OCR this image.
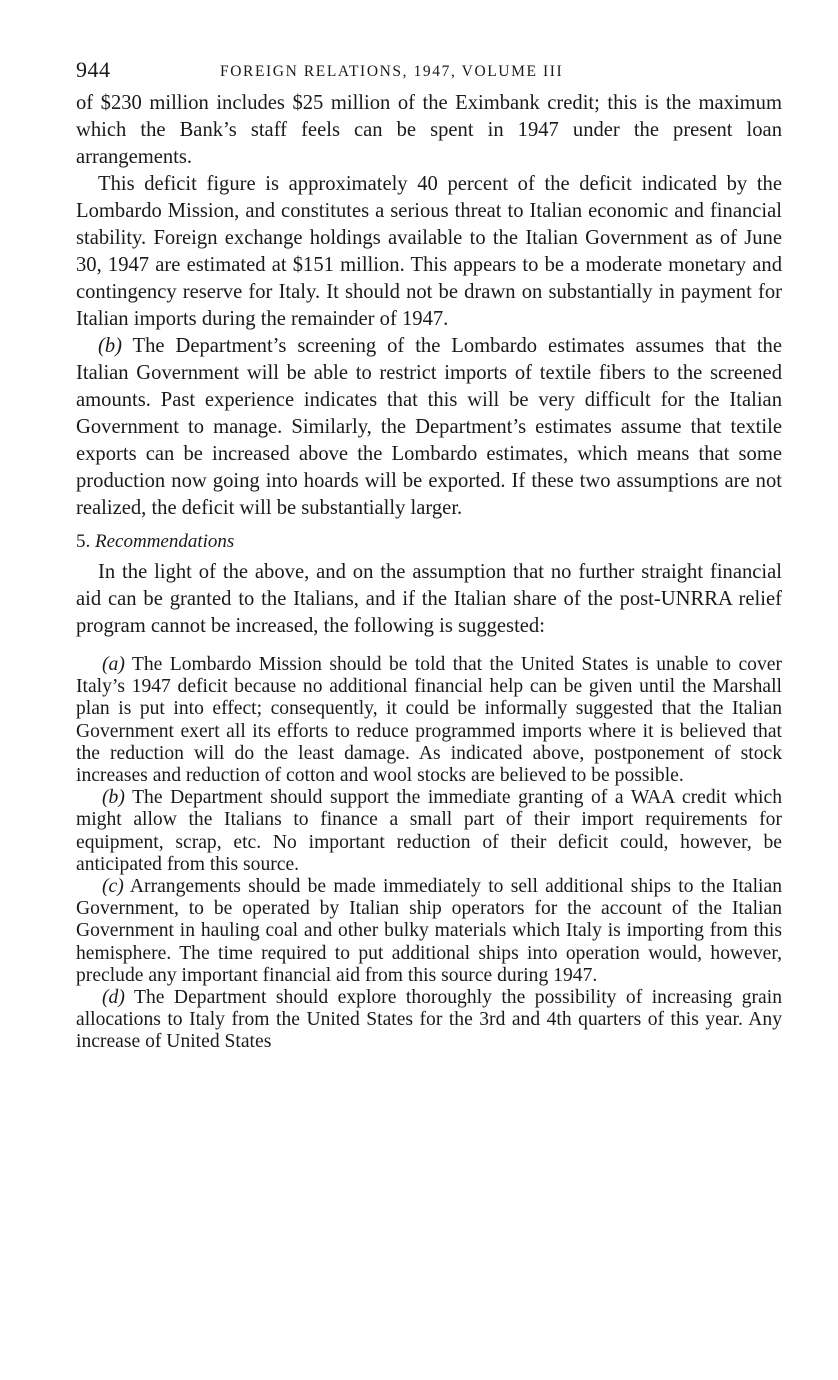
944	FOREIGN RELATIONS, 1947, VOLUME III

of $230 million includes $25 million of the Eximbank credit; this is the maximum which the Bank’s staff feels can be spent in 1947 under the present loan arrangements.

This deficit figure is approximately 40 percent of the deficit indicated by the Lombardo Mission, and constitutes a serious threat to Italian economic and financial stability. Foreign exchange holdings available to the Italian Government as of June 30, 1947 are estimated at $151 million. This appears to be a moderate monetary and contingency reserve for Italy. It should not be drawn on substantially in payment for Italian imports during the remainder of 1947.

(b) The Department’s screening of the Lombardo estimates assumes that the Italian Government will be able to restrict imports of textile fibers to the screened amounts. Past experience indicates that this will be very difficult for the Italian Government to manage. Similarly, the Department’s estimates assume that textile exports can be increased above the Lombardo estimates, which means that some production now going into hoards will be exported. If these two assumptions are not realized, the deficit will be substantially larger.

5. Recommendations

In the light of the above, and on the assumption that no further straight financial aid can be granted to the Italians, and if the Italian share of the post-UNRRA relief program cannot be increased, the following is suggested:

(a) The Lombardo Mission should be told that the United States is unable to cover Italy’s 1947 deficit because no additional financial help can be given until the Marshall plan is put into effect; consequently, it could be informally suggested that the Italian Government exert all its efforts to reduce programmed imports where it is believed that the reduction will do the least damage. As indicated above, postponement of stock increases and reduction of cotton and wool stocks are believed to be possible.

(b) The Department should support the immediate granting of a WAA credit which might allow the Italians to finance a small part of their import requirements for equipment, scrap, etc. No important reduction of their deficit could, however, be anticipated from this source.

(c) Arrangements should be made immediately to sell additional ships to the Italian Government, to be operated by Italian ship operators for the account of the Italian Government in hauling coal and other bulky materials which Italy is importing from this hemisphere. The time required to put additional ships into operation would, however, preclude any important financial aid from this source during 1947.

(d) The Department should explore thoroughly the possibility of increasing grain allocations to Italy from the United States for the 3rd and 4th quarters of this year. Any increase of United States
